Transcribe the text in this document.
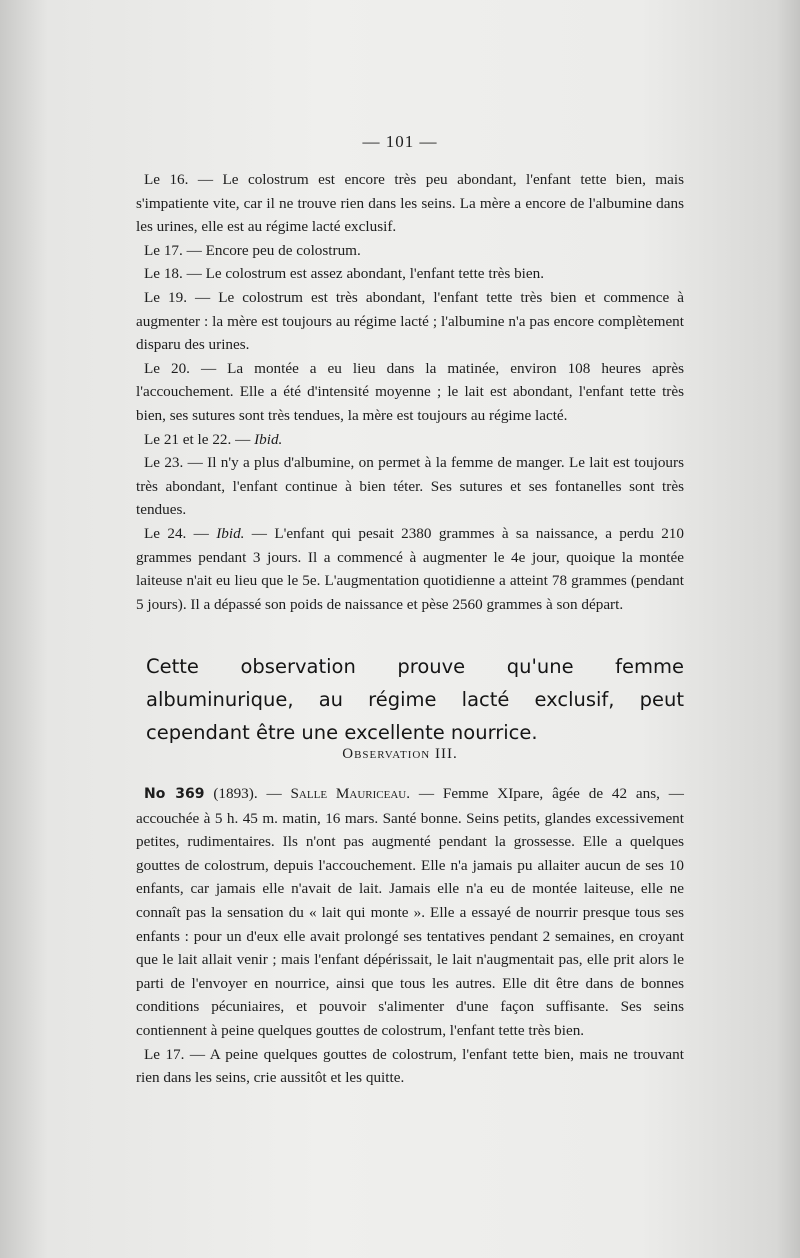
— 101 —

Le 16. — Le colostrum est encore très peu abondant, l'enfant tette bien, mais s'impatiente vite, car il ne trouve rien dans les seins. La mère a encore de l'albumine dans les urines, elle est au régime lacté exclusif.

Le 17. — Encore peu de colostrum.

Le 18. — Le colostrum est assez abondant, l'enfant tette très bien.

Le 19. — Le colostrum est très abondant, l'enfant tette très bien et commence à augmenter : la mère est toujours au régime lacté ; l'albumine n'a pas encore complètement disparu des urines.

Le 20. — La montée a eu lieu dans la matinée, environ 108 heures après l'accouchement. Elle a été d'intensité moyenne ; le lait est abondant, l'enfant tette très bien, ses sutures sont très tendues, la mère est toujours au régime lacté.

Le 21 et le 22. — Ibid.

Le 23. — Il n'y a plus d'albumine, on permet à la femme de manger. Le lait est toujours très abondant, l'enfant continue à bien téter. Ses sutures et ses fontanelles sont très tendues.

Le 24. — Ibid. — L'enfant qui pesait 2380 grammes à sa naissance, a perdu 210 grammes pendant 3 jours. Il a commencé à augmenter le 4e jour, quoique la montée laiteuse n'ait eu lieu que le 5e. L'augmentation quotidienne a atteint 78 grammes (pendant 5 jours). Il a dépassé son poids de naissance et pèse 2560 grammes à son départ.

Cette observation prouve qu'une femme albuminurique, au régime lacté exclusif, peut cependant être une excellente nourrice.
Observation III.

No 369 (1893). — Salle Mauriceau. — Femme XIpare, âgée de 42 ans, — accouchée à 5 h. 45 m. matin, 16 mars. Santé bonne. Seins petits, glandes excessivement petites, rudimentaires. Ils n'ont pas augmenté pendant la grossesse. Elle a quelques gouttes de colostrum, depuis l'accouchement. Elle n'a jamais pu allaiter aucun de ses 10 enfants, car jamais elle n'avait de lait. Jamais elle n'a eu de montée laiteuse, elle ne connaît pas la sensation du « lait qui monte ». Elle a essayé de nourrir presque tous ses enfants : pour un d'eux elle avait prolongé ses tentatives pendant 2 semaines, en croyant que le lait allait venir ; mais l'enfant dépérissait, le lait n'augmentait pas, elle prit alors le parti de l'envoyer en nourrice, ainsi que tous les autres. Elle dit être dans de bonnes conditions pécuniaires, et pouvoir s'alimenter d'une façon suffisante. Ses seins contiennent à peine quelques gouttes de colostrum, l'enfant tette très bien.

Le 17. — A peine quelques gouttes de colostrum, l'enfant tette bien, mais ne trouvant rien dans les seins, crie aussitôt et les quitte.
